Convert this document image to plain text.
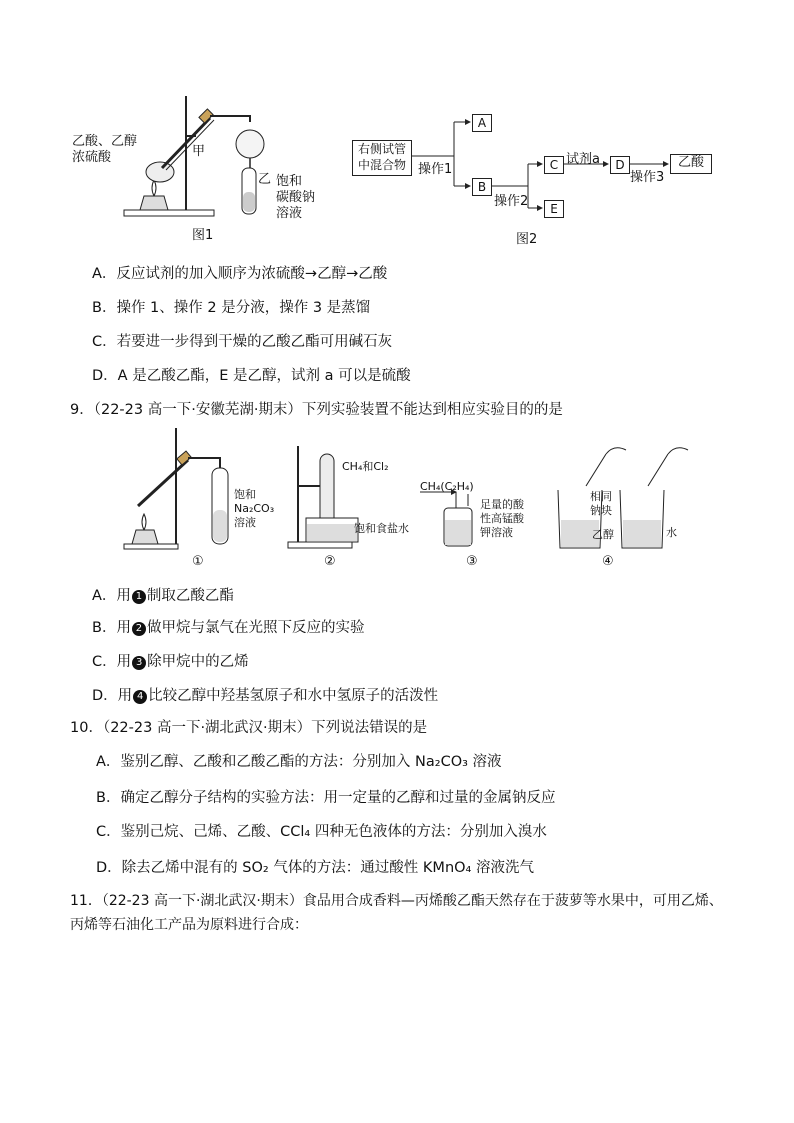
乙酸、乙醇
浓硫酸	甲
乙 饱和
碳酸钠
溶液
图1
右侧试管
中混合物 操作1
A
B
操作2
C
E
试剂a	D
操作3
乙酸
图2
A．反应试剂的加入顺序为浓硫酸→乙醇→乙酸
B．操作 1、操作 2 是分液，操作 3 是蒸馏
C．若要进一步得到干燥的乙酸乙酯可用碱石灰
D．A 是乙酸乙酯，E 是乙醇，试剂 a 可以是硫酸
9．（22-23 高一下·安徽芜湖·期末）下列实验装置不能达到相应实验目的的是
饱和
Na₂CO₃
溶液
CH₄和Cl₂
饱和食盐水
CH₄(C₂H₄)
足量的酸
性高锰酸
钾溶液
相同
钠块
乙醇	水
①	②	③	④
A．用 1 制取乙酸乙酯
B．用 2 做甲烷与氯气在光照下反应的实验
C．用 3 除甲烷中的乙烯
D．用 4 比较乙醇中羟基氢原子和水中氢原子的活泼性
10．（22-23 高一下·湖北武汉·期末）下列说法错误的是
A．鉴别乙醇、乙酸和乙酸乙酯的方法：分别加入 Na₂CO₃ 溶液
B．确定乙醇分子结构的实验方法：用一定量的乙醇和过量的金属钠反应
C．鉴别己烷、己烯、乙酸、CCl₄ 四种无色液体的方法：分别加入溴水
D．除去乙烯中混有的 SO₂ 气体的方法：通过酸性 KMnO₄ 溶液洗气
11．（22-23 高一下·湖北武汉·期末）食品用合成香料—丙烯酸乙酯天然存在于菠萝等水果中，可用乙烯、
丙烯等石油化工产品为原料进行合成：
